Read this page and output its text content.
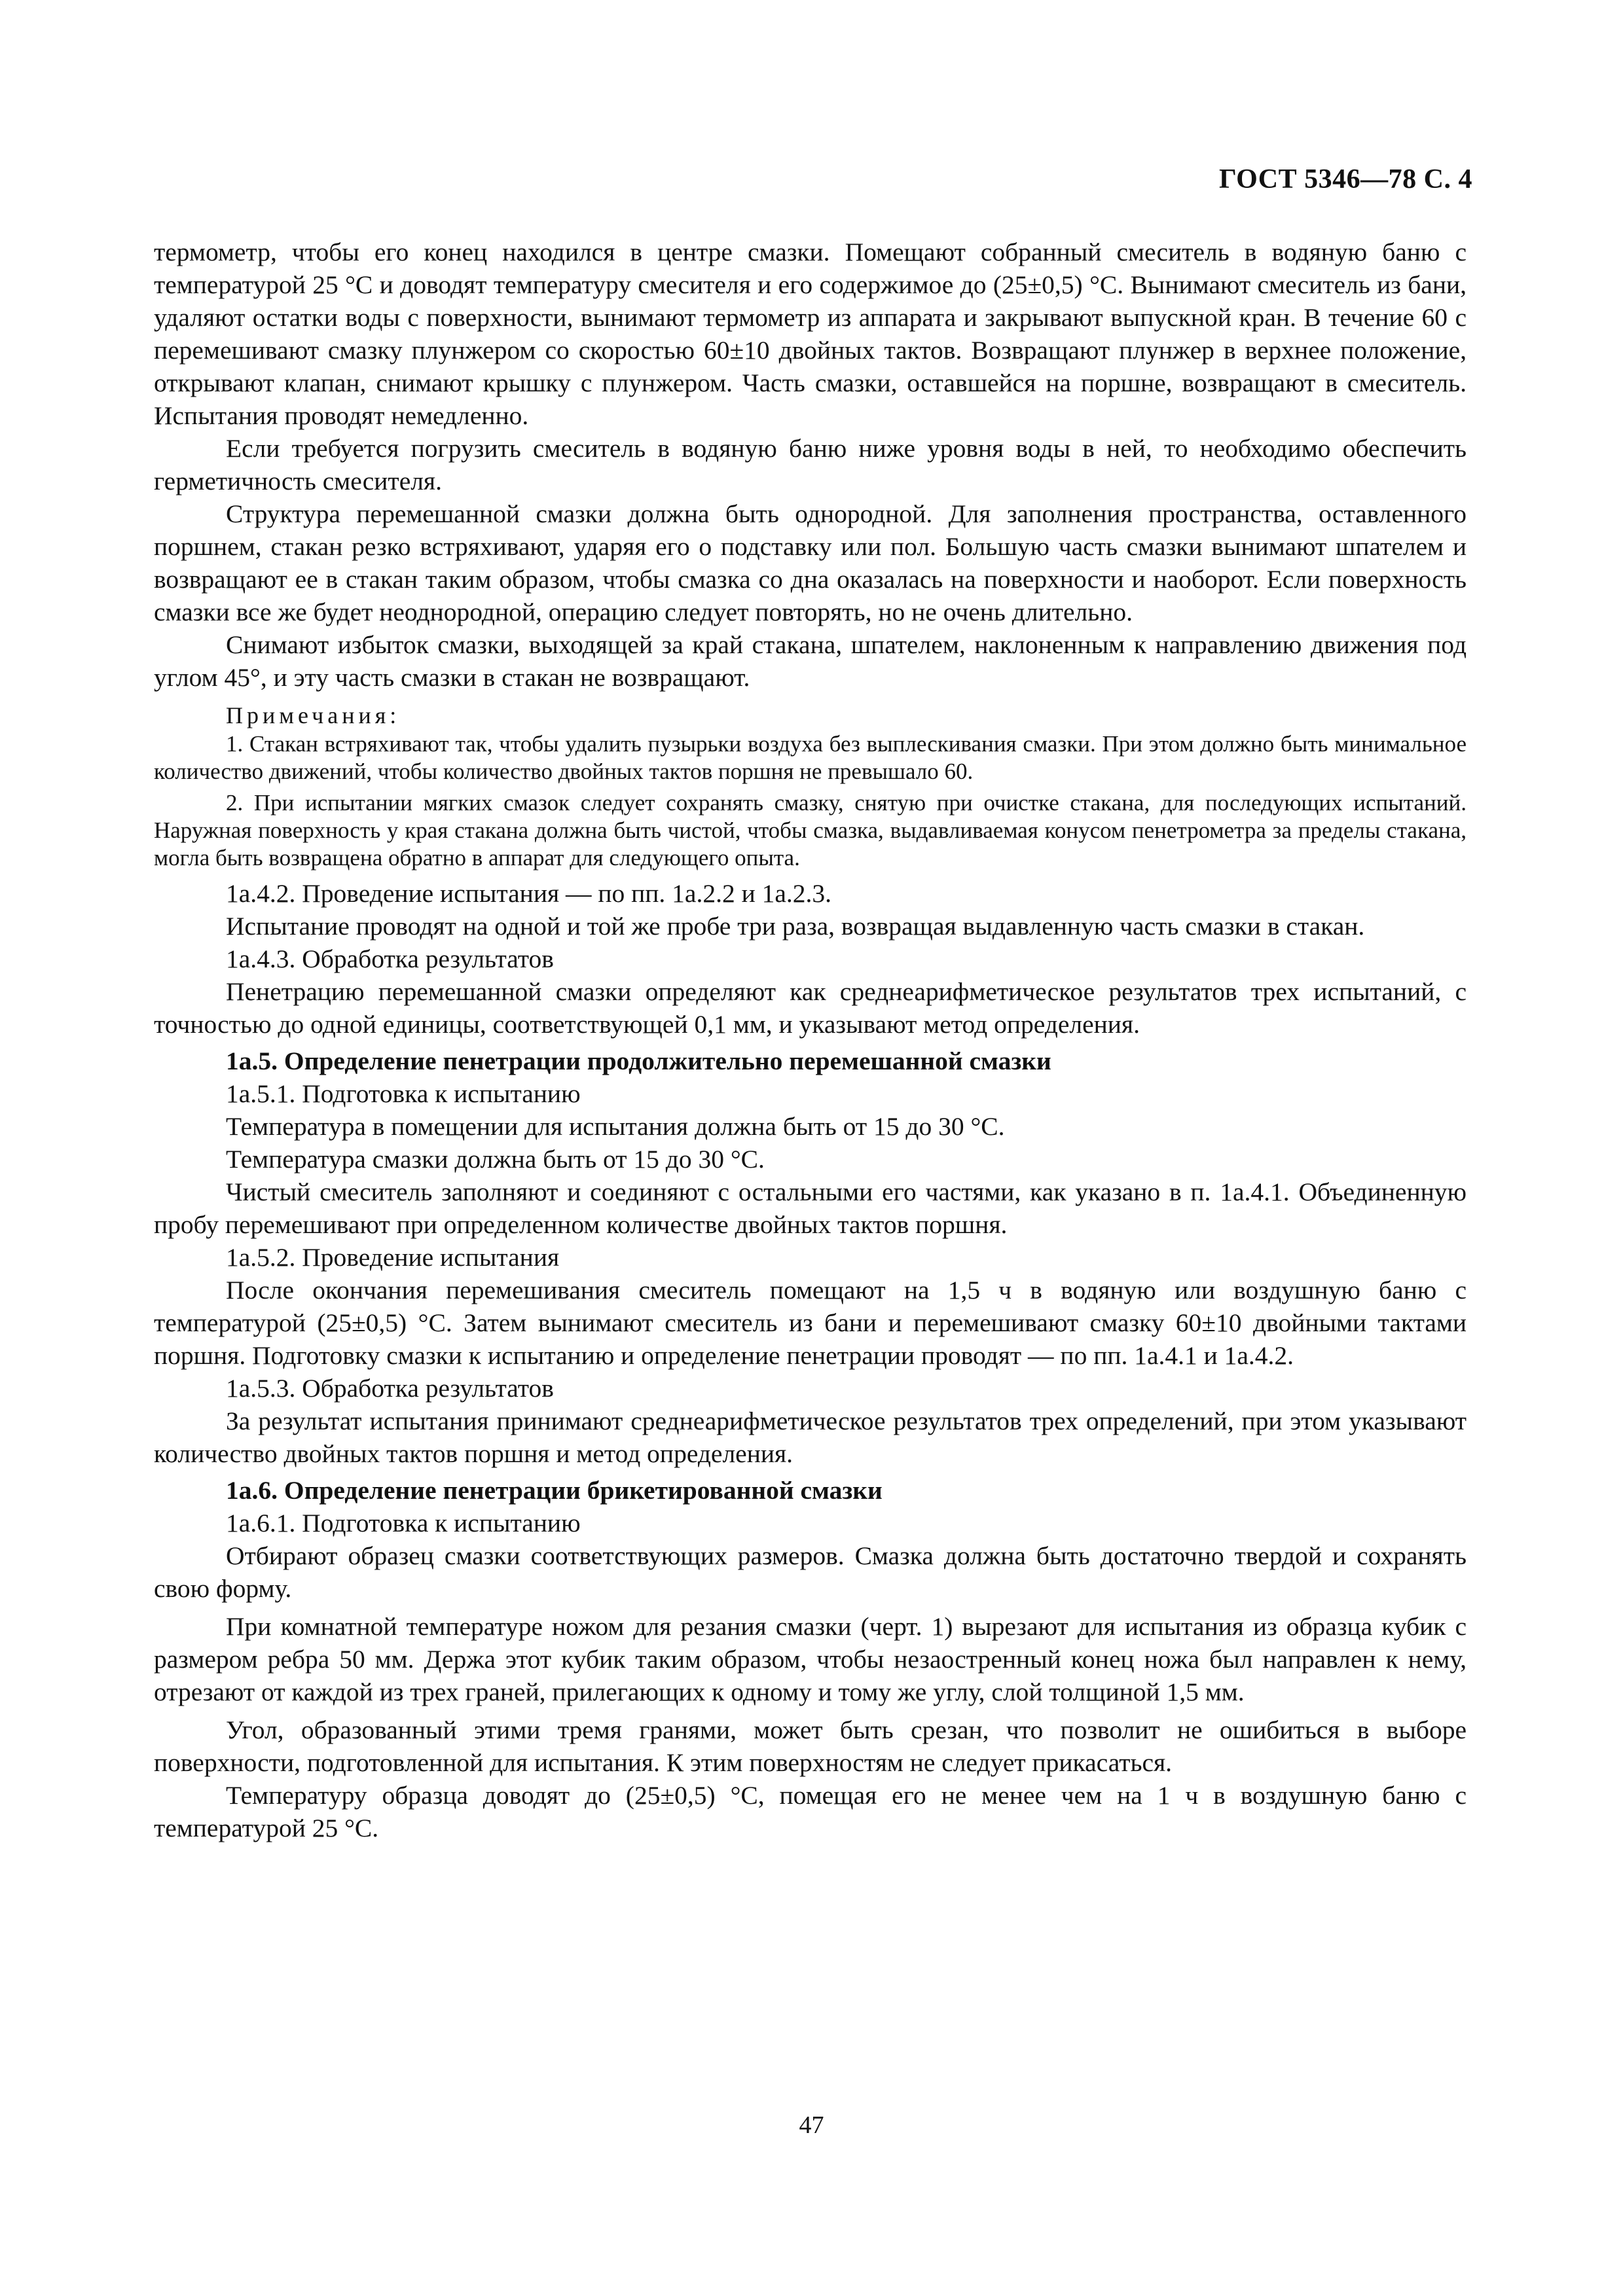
ГОСТ 5346—78 С. 4

термометр, чтобы его конец находился в центре смазки. Помещают собранный смеситель в водяную баню с температурой 25 °С и доводят температуру смесителя и его содержимое до (25±0,5) °С. Вынимают смеситель из бани, удаляют остатки воды с поверхности, вынимают термометр из аппарата и закрывают выпускной кран. В течение 60 с перемешивают смазку плунжером со скоростью 60±10 двойных тактов. Возвращают плунжер в верхнее положение, открывают клапан, снимают крышку с плунжером. Часть смазки, оставшейся на поршне, возвращают в смеситель. Испытания проводят немедленно.

Если требуется погрузить смеситель в водяную баню ниже уровня воды в ней, то необходимо обеспечить герметичность смесителя.

Структура перемешанной смазки должна быть однородной. Для заполнения пространства, оставленного поршнем, стакан резко встряхивают, ударяя его о подставку или пол. Большую часть смазки вынимают шпателем и возвращают ее в стакан таким образом, чтобы смазка со дна оказалась на поверхности и наоборот. Если поверхность смазки все же будет неоднородной, операцию следует повторять, но не очень длительно.

Снимают избыток смазки, выходящей за край стакана, шпателем, наклоненным к направлению движения под углом 45°, и эту часть смазки в стакан не возвращают.

Примечания:

1. Стакан встряхивают так, чтобы удалить пузырьки воздуха без выплескивания смазки. При этом должно быть минимальное количество движений, чтобы количество двойных тактов поршня не превышало 60.

2. При испытании мягких смазок следует сохранять смазку, снятую при очистке стакана, для последующих испытаний. Наружная поверхность у края стакана должна быть чистой, чтобы смазка, выдавливаемая конусом пенетрометра за пределы стакана, могла быть возвращена обратно в аппарат для следующего опыта.

1а.4.2. Проведение испытания — по пп. 1а.2.2 и 1а.2.3.

Испытание проводят на одной и той же пробе три раза, возвращая выдавленную часть смазки в стакан.

1а.4.3. Обработка результатов

Пенетрацию перемешанной смазки определяют как среднеарифметическое результатов трех испытаний, с точностью до одной единицы, соответствующей 0,1 мм, и указывают метод определения.

1а.5. Определение пенетрации продолжительно перемешанной смазки

1а.5.1. Подготовка к испытанию

Температура в помещении для испытания должна быть от 15 до 30 °С.

Температура смазки должна быть от 15 до 30 °С.

Чистый смеситель заполняют и соединяют с остальными его частями, как указано в п. 1а.4.1. Объединенную пробу перемешивают при определенном количестве двойных тактов поршня.

1а.5.2. Проведение испытания

После окончания перемешивания смеситель помещают на 1,5 ч в водяную или воздушную баню с температурой (25±0,5) °С. Затем вынимают смеситель из бани и перемешивают смазку 60±10 двойными тактами поршня. Подготовку смазки к испытанию и определение пенетрации проводят — по пп. 1а.4.1 и 1а.4.2.

1а.5.3. Обработка результатов

За результат испытания принимают среднеарифметическое результатов трех определений, при этом указывают количество двойных тактов поршня и метод определения.

1а.6. Определение пенетрации брикетированной смазки

1а.6.1. Подготовка к испытанию

Отбирают образец смазки соответствующих размеров. Смазка должна быть достаточно твердой и сохранять свою форму.

При комнатной температуре ножом для резания смазки (черт. 1) вырезают для испытания из образца кубик с размером ребра 50 мм. Держа этот кубик таким образом, чтобы незаостренный конец ножа был направлен к нему, отрезают от каждой из трех граней, прилегающих к одному и тому же углу, слой толщиной 1,5 мм.

Угол, образованный этими тремя гранями, может быть срезан, что позволит не ошибиться в выборе поверхности, подготовленной для испытания. К этим поверхностям не следует прикасаться.

Температуру образца доводят до (25±0,5) °С, помещая его не менее чем на 1 ч в воздушную баню с температурой 25 °С.

47
